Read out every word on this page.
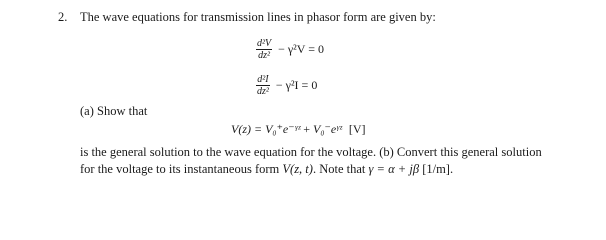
2. The wave equations for transmission lines in phasor form are given by:
$\frac{\text{d²V}}{\text{dz²}} - \gamma^2V = 0$
$\frac{\text{d²I}}{\text{dz²}} - \gamma^2I = 0$
(a) Show that
V(z) = V₀⁺e⁻ᵞᶻ + V₀⁻eᵞᶻ [V]
is the general solution to the wave equation for the voltage. (b) Convert this general solution
for the voltage to its instantaneous form V(z, t). Note that γ = α + jβ [1/m].
